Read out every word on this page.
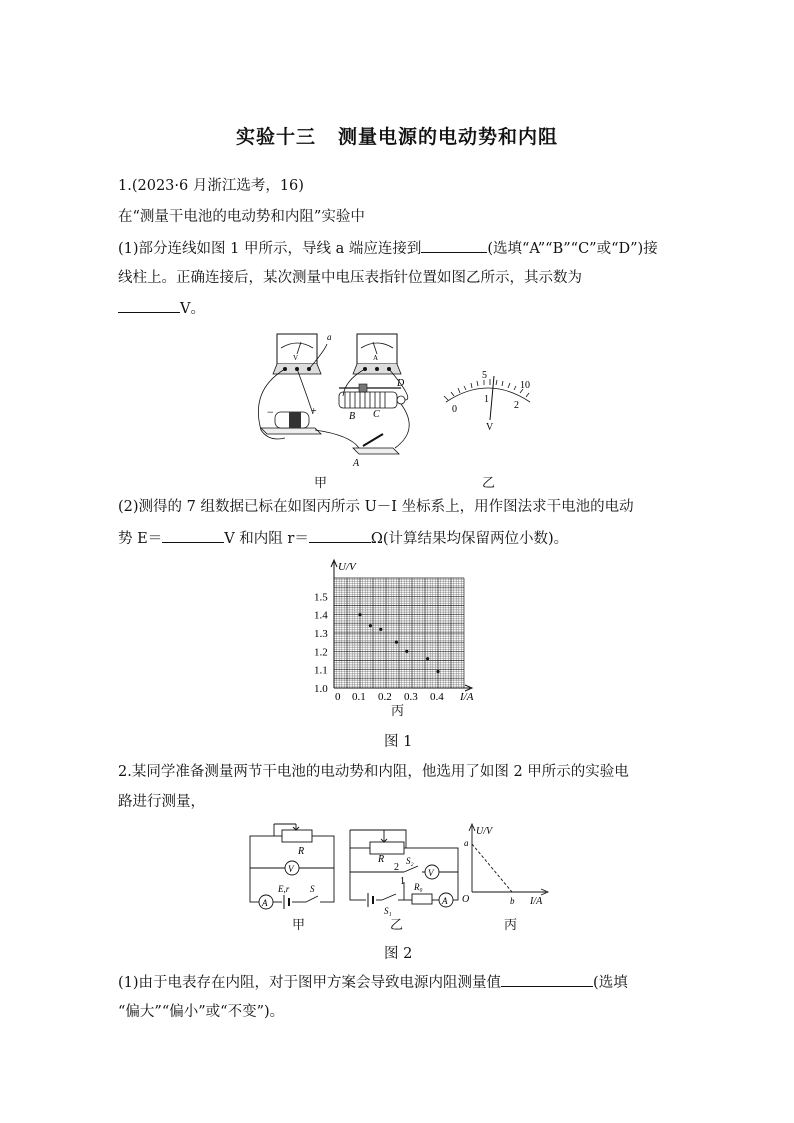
实验十三 测量电源的电动势和内阻
1.(2023·6 月浙江选考，16)
在“测量干电池的电动势和内阻”实验中
(1)部分连线如图 1 甲所示，导线 a 端应连接到	(选填“A”“B”“C”或“D”)接
线柱上。正确连接后，某次测量中电压表指针位置如图乙所示，其示数为
V。
V	A
a
−	+
D
B C
A
5
10
0
1
2
V
甲	乙
(2)测得的 7 组数据已标在如图丙所示 U－I 坐标系上，用作图法求干电池的电动
势 E＝	V 和内阻 r＝	Ω(计算结果均保留两位小数)。
U/V
I/A
1.0
1.1
1.2
1.3
1.4
1.5
0 0.1 0.2 0.3 0.4
丙
图 1
2.某同学准备测量两节干电池的电动势和内阻，他选用了如图 2 甲所示的实验电
路进行测量，
R
V
A
E,r S
R
2
1
S₂
V
R₀
A
S₁
U/V
I/A
a
b
O
甲	乙	丙
图 2
(1)由于电表存在内阻，对于图甲方案会导致电源内阻测量值	(选填
“偏大”“偏小”或“不变”)。
